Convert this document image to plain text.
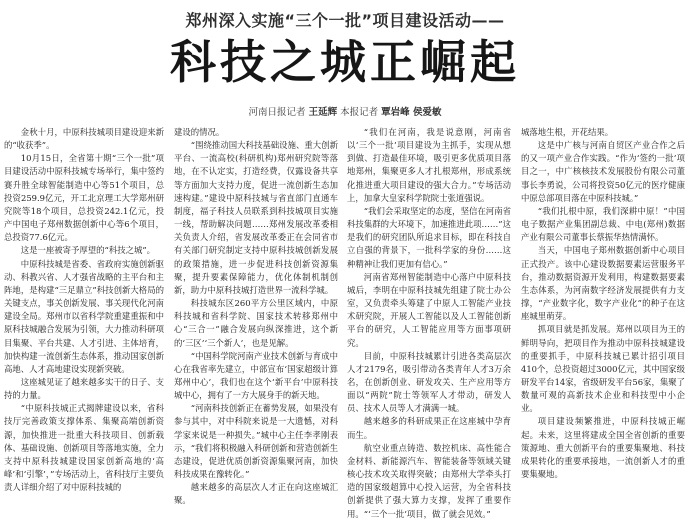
郑州深入实施“三个一批”项目建设活动——
科技之城正崛起
河南日报记者 王延辉 本报记者 覃岩峰 侯爱敏

金秋十月，中原科技城项目建设迎来新的“收获季”。

10月15日，全省第十期“三个一批”项目建设活动中原科技城专场举行，集中签约赛升胜全球智能制造中心等51个项目，总投资259.9亿元，开工北京理工大学郑州研究院等18个项目，总投资242.1亿元，投产中国电子郑州数据创新中心等6个项目，总投资77.6亿元。

这是一座被寄予厚望的“科技之城”。

中原科技城是省委、省政府实施创新驱动、科教兴省、人才强省战略的主平台和主阵地，是构建“三足鼎立”科技创新大格局的关键支点，事关创新发展、事关现代化河南建设全局。郑州市以省科学院重建重振和中原科技城融合发展为引领，大力推动科研项目集聚、平台共建、人才引进、主体培育，加快构建一流创新生态体系，推动国家创新高地、人才高地建设实现新突破。

这座城见证了越来越多实干的日子、支持的力量。

“中原科技城正式揭牌建设以来，省科技厅完善政策支撑体系、集聚高端创新资源，加快推进一批重大科技项目、创新载体、基础设施、创新项目等落地实施，全力支持中原科技城建设国家创新高地的‘高峰’和‘引擎’，”专场活动上，省科技厅主要负责人详细介绍了对中原科技城的

建设的情况。

“围绕推动国大科技基础设施、重大创新平台、一流高校(科研机构)郑州研究院等落地，在不认定实，打造经费，仅露设备共享等方面加大支持力度，促进一流创新生态加速构建。”建设中原科技城与省直部门直通车制度，福子科技人员联系到科技城项目实施一线，帮助解决问题……郑州发展改革委相关负责人介绍，省发展改革委正在会同省市有关部门研究制定支持中原科技城创新发展的政策措施，进一步促进科技创新资源集聚，提升要素保障能力，优化体制机制创新，助力中原科技城打造世界一流科学城。

科技城东区260平方公里区域内，中原科技城和省科学院、国家技术转移郑州中心“三合一”融合发展向纵深推进，这个新的‘三区’‘三个新人’，也是见解。

“中国科学院河南产业技术创新与育成中心在我省率先建立，中部宣布‘国家超级计算郑州中心’，我们也在这个‘新平台’中原科技城中心，拥有了一方大展身手的新天地。

“河南科技创新正在蓄势发展，如果没有参与其中，对中科院来说是一大遗憾，对科学家来说是一种损失。”城中心主任李孝刚表示，“我们将积极融入科研创新和营造创新生态建设，促进优质创新资源集聚河南，加快科技成果在豫转化。”

越来越多的高层次人才正在向这座城汇聚。

“我们在河南，我是说意刚，河南省以‘三个一批’项目建设为主抓手，实现从想到做、打造最佳环境，吸引更多优质项目落地郑州，集聚更多人才扎根郑州，形成系统化推进重大项目建设的强大合力。”专场活动上，加拿大皇家科学院院士张道强说。

“我们会采取坚定的态度，坚信在河南省科技集群的大环境下，加速推进此项……”这是我们的研究团队所追求目标，即在科技自立自强的背景下，一批科学家的身份……这种精神让我们更加有信心。”

河南省郑州智能制造中心落户中原科技城后，李明在中原科技城先组建了院士办公室，又负责牵头筹建了中原人工智能产业技术研究院，开展人工智能以及人工智能创新平台的研究，人工智能应用等方面事项研究。

目前，中原科技城累计引进各类高层次人才2179名，吸引带动各类青年人才3万余名，在创新创业、研发攻关、生产应用等方面以“两院”院士等领军人才带动，研发人员、技术人员等人才满满一城。

越来越多的科研成果正在这座城中孕育而生。

航空业重点铸造、数控机床、高性能合金材料、新能源汽车、智能装备等领域关键核心技术攻关取得突破；由郑州大学牵头打造的国家级超算中心投入运营，为全省科技创新提供了强大算力支撑，发挥了重要作用。“‘三个一批’项目，做了就会见效。”

城落地生根，开花结果。

这是中广核与河南自贸区产业合作之后的又一项产业合作实践。“作为‘签约一批’项目之一，中广核核技术发展股份有限公司董事长李勇说，公司将投资50亿元的医疗健康中原总部项目落在中原科技城。”

“我们扎根中原，我们深耕中原！”中国电子数据产业集团副总裁、中电(郑州)数据产业有限公司董事长蔡振华热情满怀。

当天，中国电子郑州数据创新中心项目正式投产。该中心建设数据要素运营服务平台，推动数据资源开发利用，构建数据要素生态体系，为河南数字经济发展提供有力支撑，“产业数字化，数字产业化”的种子在这座城里萌芽。

抓项目就是抓发展。郑州以项目为王的鲜明导向，把项目作为推动中原科技城建设的重要抓手，中原科技城已累计招引项目410个，总投资超过3000亿元，其中国家级研发平台14家，省级研发平台56家，集聚了数量可观的高新技术企业和科技型中小企业。

项目建设频繁推进，中原科技城正崛起。未来，这里将建成全国全省创新的重要策源地、重大创新平台的重要集聚地、科技成果转化的重要承接地，一流创新人才的重要集聚地。
